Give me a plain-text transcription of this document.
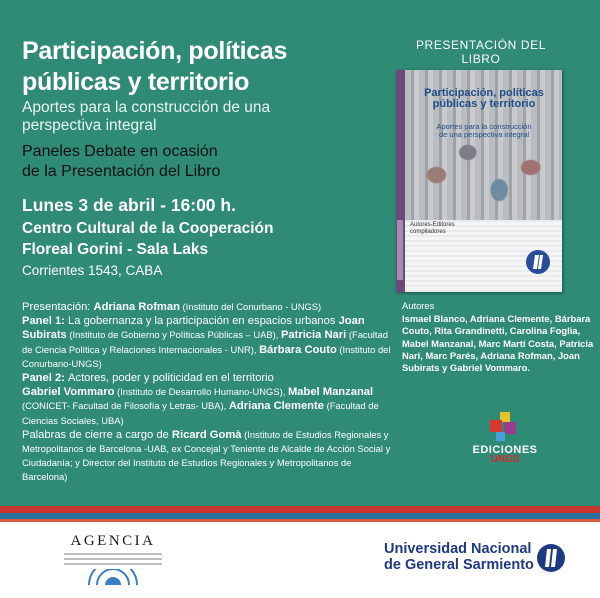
Participación, políticas
públicas y territorio

Aportes para la construcción de una
perspectiva integral

Paneles Debate en ocasión
de la Presentación del Libro

Lunes 3 de abril - 16:00 h.

Centro Cultural de la Cooperación
Floreal Gorini - Sala Laks

Corrientes 1543, CABA

Presentación: Adriana Rofman (Instituto del Conurbano - UNGS)

Panel 1: La gobernanza y la participación en espacios urbanos Joan Subirats (Instituto de Gobierno y Políticas Públicas – UAB), Patricia Nari (Facultad de Ciencia Política y Relaciones Internacionales - UNR), Bárbara Couto (Instituto del Conurbano-UNGS)

Panel 2: Actores, poder y politicidad en el territorio
Gabriel Vommaro (Instituto de Desarrollo Humano-UNGS), Mabel Manzanal (CONICET- Facultad de Filosofía y Letras- UBA), Adriana Clemente (Facultad de Ciencias Sociales, UBA)

Palabras de cierre a cargo de Ricard Gomà (Instituto de Estudios Regionales y Metropolitanos de Barcelona -UAB, ex Concejal y Teniente de Alcalde de Acción Social y Ciudadanía; y Director del Instituto de Estudios Regionales y Metropolitanos de Barcelona)

PRESENTACIÓN DEL LIBRO
Participación, políticas
públicas y territorio
Aportes para la construcción
de una perspectiva integral
Autores-Editores
compiladores

Autores

Ismael Blanco, Adriana Clemente, Bárbara Couto, Rita Grandinetti, Carolina Foglia, Mabel Manzanal, Marc Martí Costa, Patricia Nari, Marc Parés, Adriana Rofman, Joan Subirats y Gabriel Vommaro.
EDICIONES
UNGS
AGENCIA	Universidad Nacional
de General Sarmiento
